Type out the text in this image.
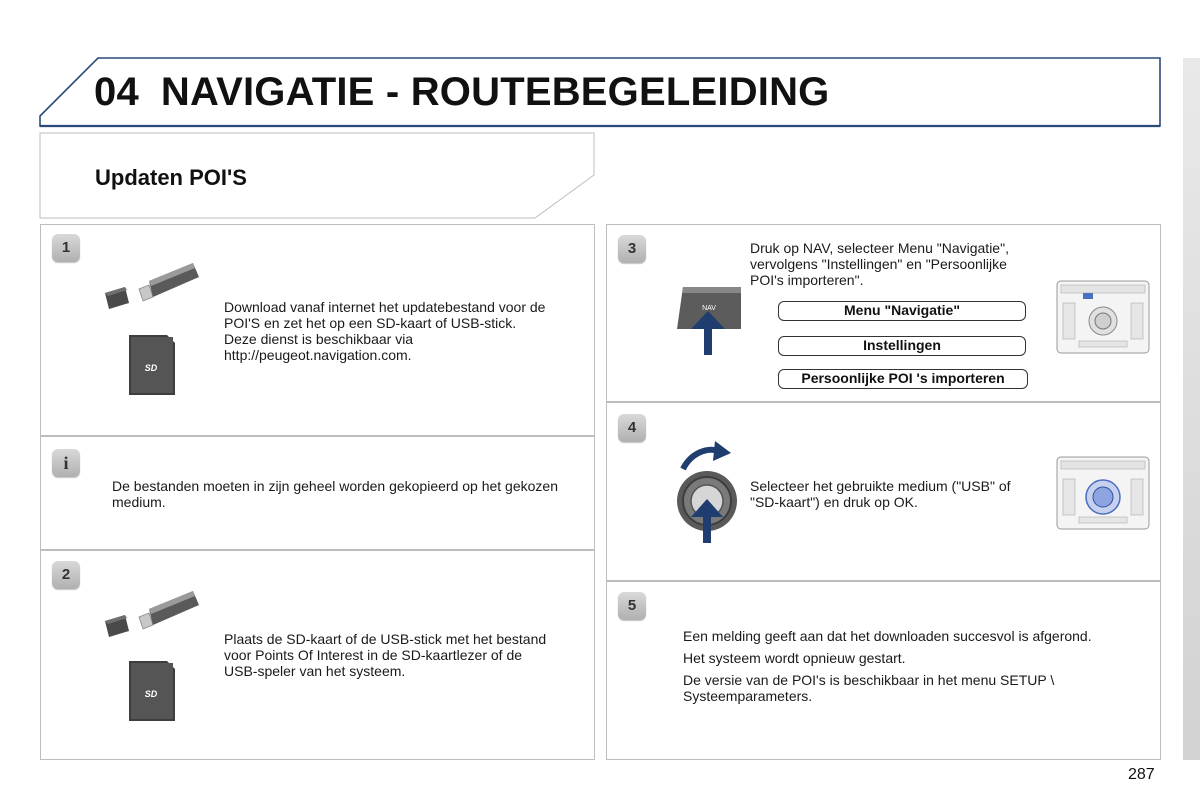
04 NAVIGATIE - ROUTEBEGELEIDING
Updaten POI'S
1
SD
Download vanaf internet het updatebestand voor de POI'S en zet het op een SD-kaart of USB-stick. Deze dienst is beschikbaar via http://peugeot.navigation.com.
i
De bestanden moeten in zijn geheel worden gekopieerd op het gekozen medium.
2
SD
Plaats de SD-kaart of de USB-stick met het bestand voor Points Of Interest in de SD-kaartlezer of de USB-speler van het systeem.
3
NAV
Druk op NAV, selecteer Menu "Navigatie", vervolgens "Instellingen" en "Persoonlijke POI's importeren".
Menu "Navigatie"
Instellingen
Persoonlijke POI 's importeren
4
Selecteer het gebruikte medium ("USB" of "SD-kaart") en druk op OK.
5

Een melding geeft aan dat het downloaden succesvol is afgerond.

Het systeem wordt opnieuw gestart.

De versie van de POI's is beschikbaar in het menu SETUP \ Systeemparameters.

287
